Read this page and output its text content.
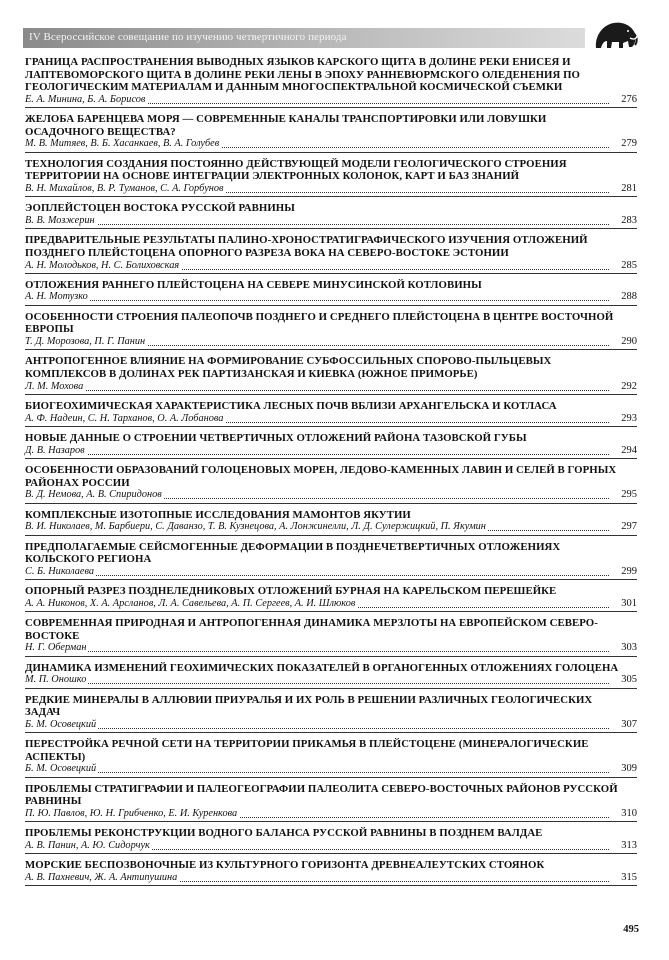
IV Всероссийское совещание по изучению четвертичного периода
ГРАНИЦА РАСПРОСТРАНЕНИЯ ВЫВОДНЫХ ЯЗЫКОВ КАРСКОГО ЩИТА В ДОЛИНЕ РЕКИ ЕНИСЕЯ И ЛАПТЕВОМОРСКОГО ЩИТА В ДОЛИНЕ РЕКИ ЛЕНЫ В ЭПОХУ РАННЕВЮРМСКОГО ОЛЕДЕНЕНИЯ ПО ГЕОЛОГИЧЕСКИМ МАТЕРИАЛАМ И ДАННЫМ МНОГОСПЕКТРАЛЬНОЙ КОСМИЧЕСКОЙ СЪЕМКИ
Е. А. Минина, Б. А. Борисов	276
ЖЕЛОБА БАРЕНЦЕВА МОРЯ — СОВРЕМЕННЫЕ КАНАЛЫ ТРАНСПОРТИРОВКИ ИЛИ ЛОВУШКИ ОСАДОЧНОГО ВЕЩЕСТВА?
М. В. Митяев, В. Б. Хасанкаев, В. А. Голубев	279
ТЕХНОЛОГИЯ СОЗДАНИЯ ПОСТОЯННО ДЕЙСТВУЮЩЕЙ МОДЕЛИ ГЕОЛОГИЧЕСКОГО СТРОЕНИЯ ТЕРРИТОРИИ НА ОСНОВЕ ИНТЕГРАЦИИ ЭЛЕКТРОННЫХ КОЛОНОК, КАРТ И БАЗ ЗНАНИЙ
В. Н. Михайлов, В. Р. Туманов, С. А. Горбунов	281
ЭОПЛЕЙСТОЦЕН ВОСТОКА РУССКОЙ РАВНИНЫ
В. В. Мозжерин	283
ПРЕДВАРИТЕЛЬНЫЕ РЕЗУЛЬТАТЫ ПАЛИНО-ХРОНОСТРАТИГРАФИЧЕСКОГО ИЗУЧЕНИЯ ОТЛОЖЕНИЙ ПОЗДНЕГО ПЛЕЙСТОЦЕНА ОПОРНОГО РАЗРЕЗА ВОКА НА СЕВЕРО-ВОСТОКЕ ЭСТОНИИ
А. Н. Молодьков, Н. С. Болиховская	285
ОТЛОЖЕНИЯ РАННЕГО ПЛЕЙСТОЦЕНА НА СЕВЕРЕ МИНУСИНСКОЙ КОТЛОВИНЫ
А. Н. Мотузко	288
ОСОБЕННОСТИ СТРОЕНИЯ ПАЛЕОПОЧВ ПОЗДНЕГО И СРЕДНЕГО ПЛЕЙСТОЦЕНА В ЦЕНТРЕ ВОСТОЧНОЙ ЕВРОПЫ
Т. Д. Морозова, П. Г. Панин	290
АНТРОПОГЕННОЕ ВЛИЯНИЕ НА ФОРМИРОВАНИЕ СУБФОССИЛЬНЫХ СПОРОВО-ПЫЛЬЦЕВЫХ КОМПЛЕКСОВ В ДОЛИНАХ РЕК ПАРТИЗАНСКАЯ И КИЕВКА (ЮЖНОЕ ПРИМОРЬЕ)
Л. М. Мохова	292
БИОГЕОХИМИЧЕСКАЯ ХАРАКТЕРИСТИКА ЛЕСНЫХ ПОЧВ ВБЛИЗИ АРХАНГЕЛЬСКА И КОТЛАСА
А. Ф. Надеин, С. Н. Тарханов, О. А. Лобанова	293
НОВЫЕ ДАННЫЕ О СТРОЕНИИ ЧЕТВЕРТИЧНЫХ ОТЛОЖЕНИЙ РАЙОНА ТАЗОВСКОЙ ГУБЫ
Д. В. Назаров	294
ОСОБЕННОСТИ ОБРАЗОВАНИЙ ГОЛОЦЕНОВЫХ МОРЕН, ЛЕДОВО-КАМЕННЫХ ЛАВИН И СЕЛЕЙ В ГОРНЫХ РАЙОНАХ РОССИИ
В. Д. Немова, А. В. Спиридонов	295
КОМПЛЕКСНЫЕ ИЗОТОПНЫЕ ИССЛЕДОВАНИЯ МАМОНТОВ ЯКУТИИ
В. И. Николаев, М. Барбиери, С. Даванзо, Т. В. Кузнецова, А. Лонжинелли, Л. Д. Сулержицкий, П. Якумин	297
ПРЕДПОЛАГАЕМЫЕ СЕЙСМОГЕННЫЕ ДЕФОРМАЦИИ В ПОЗДНЕЧЕТВЕРТИЧНЫХ ОТЛОЖЕНИЯХ КОЛЬСКОГО РЕГИОНА
С. Б. Николаева	299
ОПОРНЫЙ РАЗРЕЗ ПОЗДНЕЛЕДНИКОВЫХ ОТЛОЖЕНИЙ БУРНАЯ НА КАРЕЛЬСКОМ ПЕРЕШЕЙКЕ
А. А. Никонов, Х. А. Арсланов, Л. А. Савельева, А. П. Сергеев, А. И. Шлюков	301
СОВРЕМЕННАЯ ПРИРОДНАЯ И АНТРОПОГЕННАЯ ДИНАМИКА МЕРЗЛОТЫ НА ЕВРОПЕЙСКОМ СЕВЕРО-ВОСТОКЕ
Н. Г. Оберман	303
ДИНАМИКА ИЗМЕНЕНИЙ ГЕОХИМИЧЕСКИХ ПОКАЗАТЕЛЕЙ В ОРГАНОГЕННЫХ ОТЛОЖЕНИЯХ ГОЛОЦЕНА
М. П. Оношко	305
РЕДКИЕ МИНЕРАЛЫ В АЛЛЮВИИ ПРИУРАЛЬЯ И ИХ РОЛЬ В РЕШЕНИИ РАЗЛИЧНЫХ ГЕОЛОГИЧЕСКИХ ЗАДАЧ
Б. М. Осовецкий	307
ПЕРЕСТРОЙКА РЕЧНОЙ СЕТИ НА ТЕРРИТОРИИ ПРИКАМЬЯ В ПЛЕЙСТОЦЕНЕ (МИНЕРАЛОГИЧЕСКИЕ АСПЕКТЫ)
Б. М. Осовецкий	309
ПРОБЛЕМЫ СТРАТИГРАФИИ И ПАЛЕОГЕОГРАФИИ ПАЛЕОЛИТА СЕВЕРО-ВОСТОЧНЫХ РАЙОНОВ РУССКОЙ РАВНИНЫ
П. Ю. Павлов, Ю. Н. Грибченко, Е. И. Куренкова	310
ПРОБЛЕМЫ РЕКОНСТРУКЦИИ ВОДНОГО БАЛАНСА РУССКОЙ РАВНИНЫ В ПОЗДНЕМ ВАЛДАЕ
А. В. Панин, А. Ю. Сидорчук	313
МОРСКИЕ БЕСПОЗВОНОЧНЫЕ ИЗ КУЛЬТУРНОГО ГОРИЗОНТА ДРЕВНЕАЛЕУТСКИХ СТОЯНОК
А. В. Пахневич, Ж. А. Антипушина	315
495
